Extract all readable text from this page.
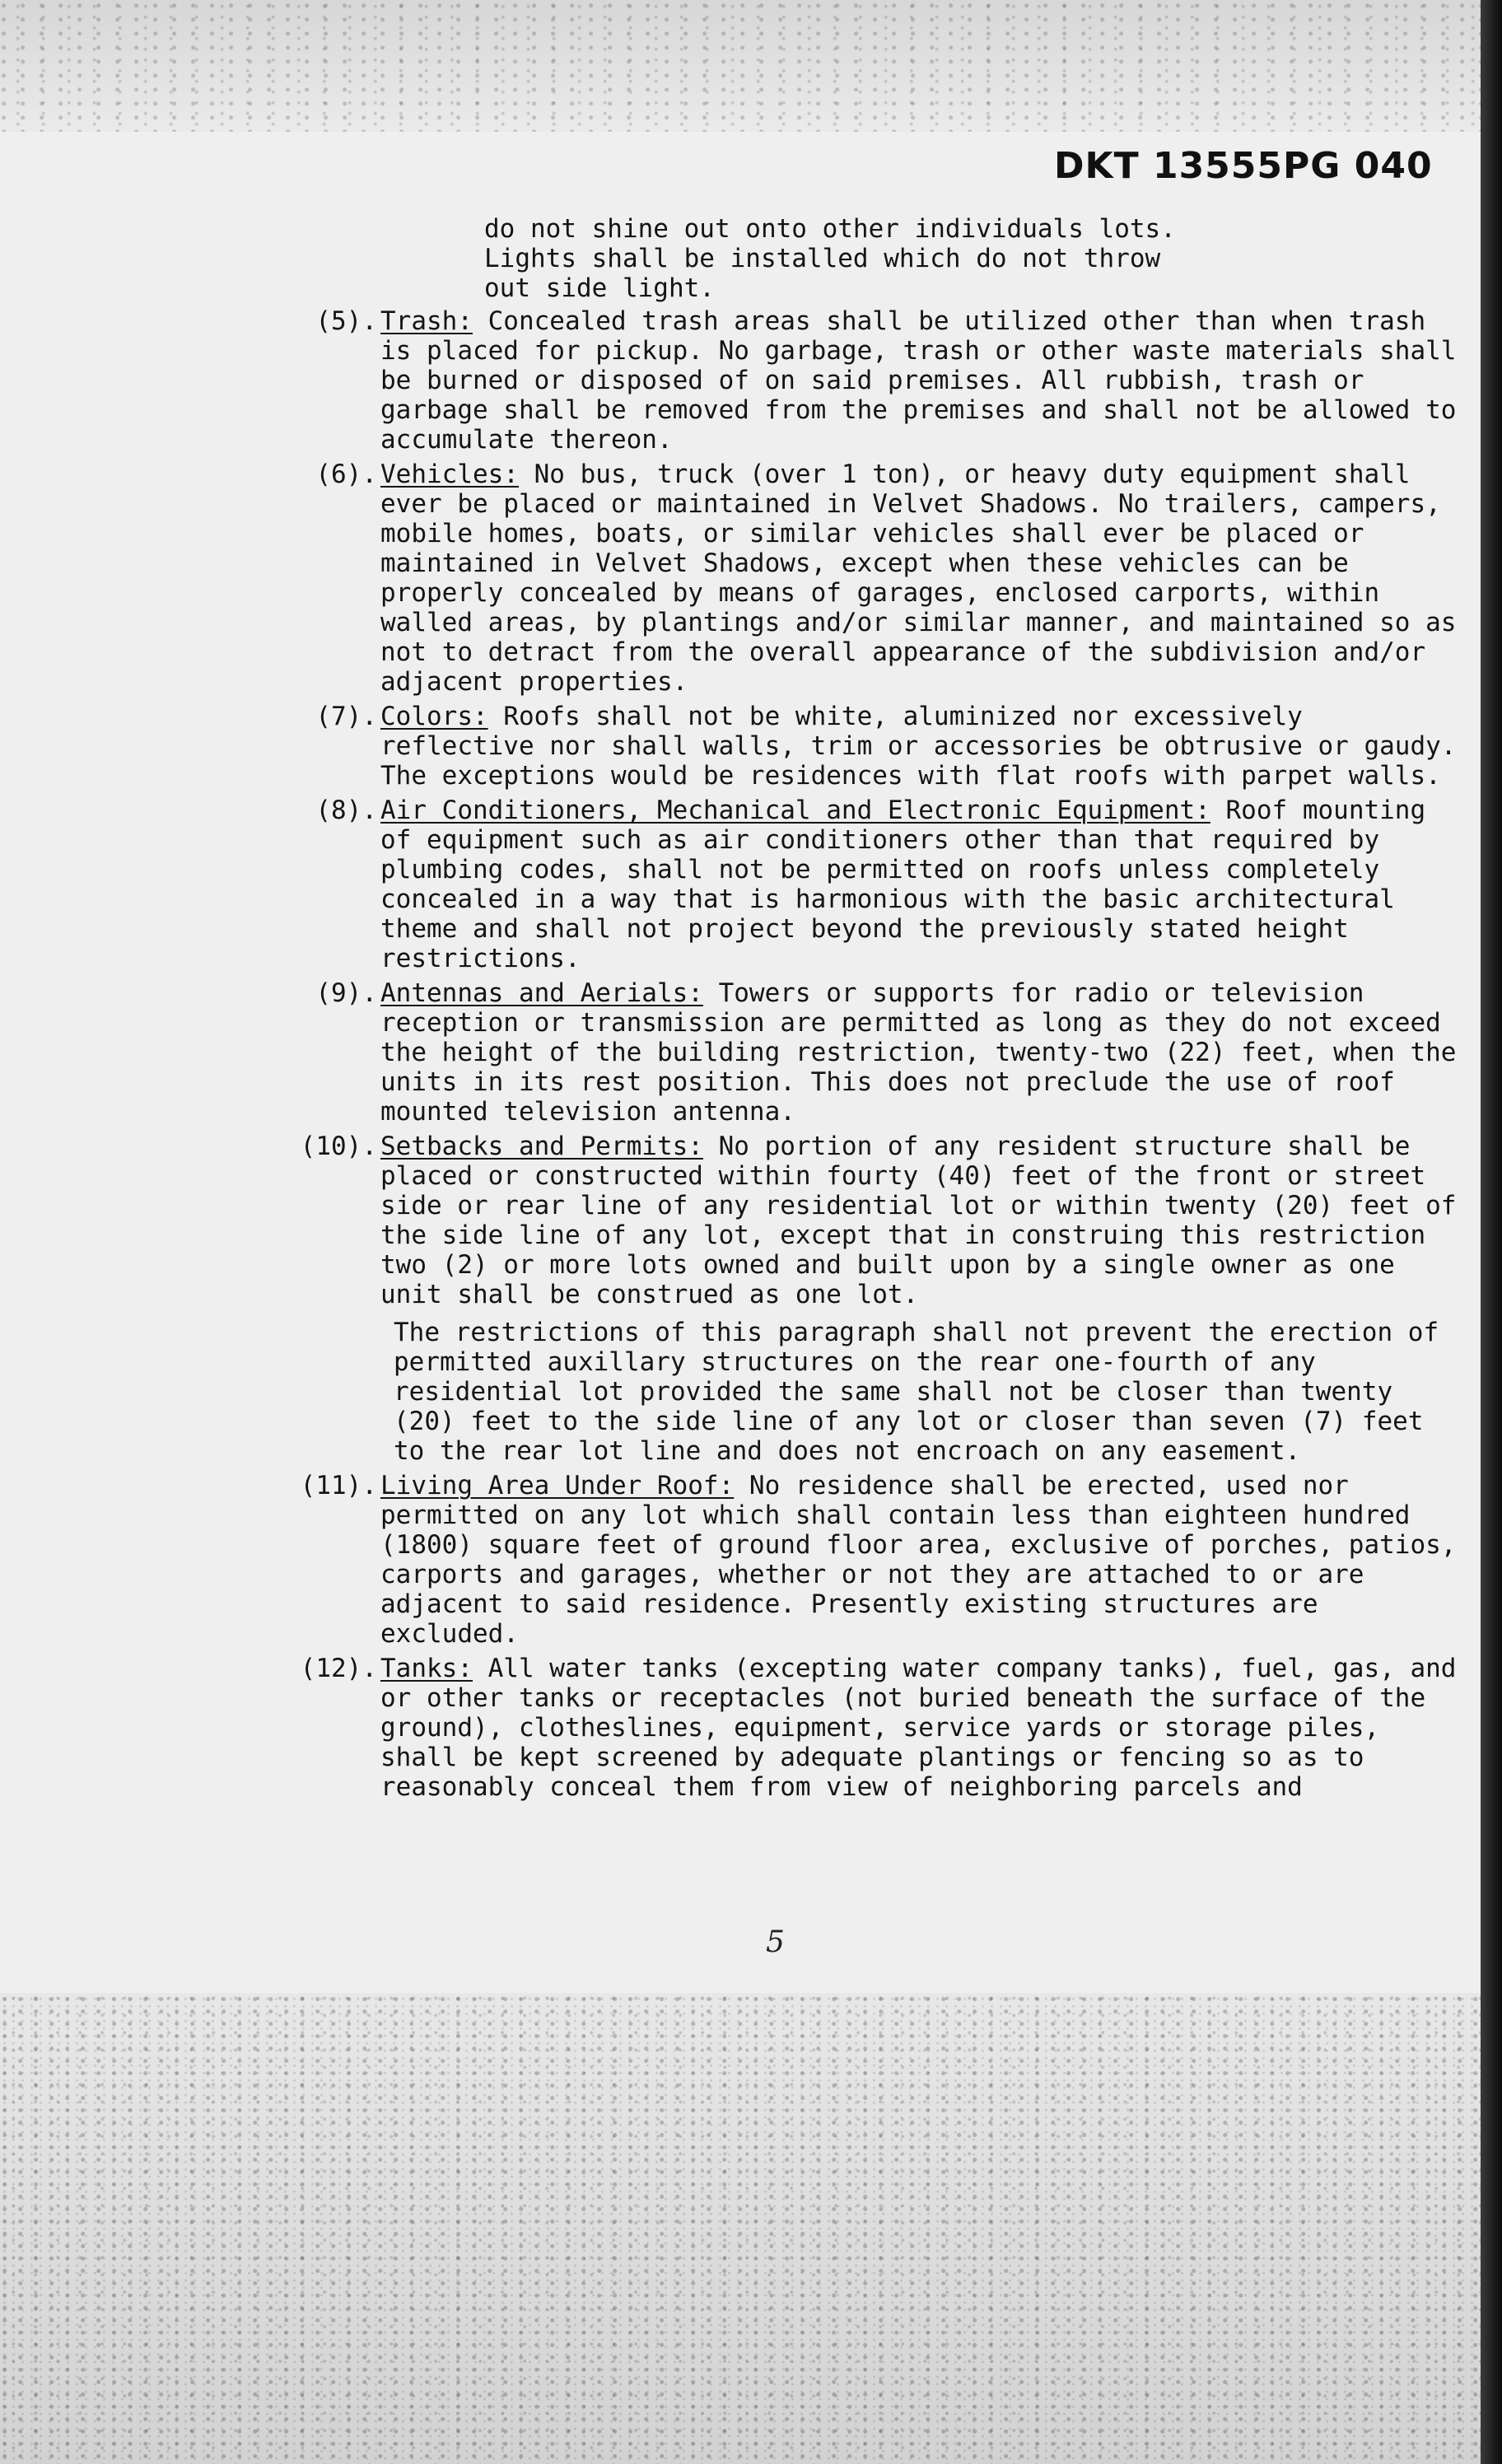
DKT 13555PG 040
do not shine out onto other individuals lots.
Lights shall be installed which do not throw
out side light.
(5). Trash: Concealed trash areas shall be utilized other than when trash is placed for pickup. No garbage, trash or other waste materials shall be burned or disposed of on said premises. All rubbish, trash or garbage shall be removed from the premises and shall not be allowed to accumulate thereon.
(6). Vehicles: No bus, truck (over 1 ton), or heavy duty equipment shall ever be placed or maintained in Velvet Shadows. No trailers, campers, mobile homes, boats, or similar vehicles shall ever be placed or maintained in Velvet Shadows, except when these vehicles can be properly concealed by means of garages, enclosed carports, within walled areas, by plantings and/or similar manner, and maintained so as not to detract from the overall appearance of the subdivision and/or adjacent properties.
(7). Colors: Roofs shall not be white, aluminized nor excessively reflective nor shall walls, trim or accessories be obtrusive or gaudy. The exceptions would be residences with flat roofs with parpet walls.
(8). Air Conditioners, Mechanical and Electronic Equipment: Roof mounting of equipment such as air conditioners other than that required by plumbing codes, shall not be permitted on roofs unless completely concealed in a way that is harmonious with the basic architectural theme and shall not project beyond the previously stated height restrictions.
(9). Antennas and Aerials: Towers or supports for radio or television reception or transmission are permitted as long as they do not exceed the height of the building restriction, twenty-two (22) feet, when the units in its rest position. This does not preclude the use of roof mounted television antenna.
(10). Setbacks and Permits: No portion of any resident structure shall be placed or constructed within fourty (40) feet of the front or street side or rear line of any residential lot or within twenty (20) feet of the side line of any lot, except that in construing this restriction two (2) or more lots owned and built upon by a single owner as one unit shall be construed as one lot.
The restrictions of this paragraph shall not prevent the erection of permitted auxillary structures on the rear one-fourth of any residential lot provided the same shall not be closer than twenty (20) feet to the side line of any lot or closer than seven (7) feet to the rear lot line and does not encroach on any easement.
(11). Living Area Under Roof: No residence shall be erected, used nor permitted on any lot which shall contain less than eighteen hundred (1800) square feet of ground floor area, exclusive of porches, patios, carports and garages, whether or not they are attached to or are adjacent to said residence. Presently existing structures are excluded.
(12). Tanks: All water tanks (excepting water company tanks), fuel, gas, and or other tanks or receptacles (not buried beneath the surface of the ground), clotheslines, equipment, service yards or storage piles, shall be kept screened by adequate plantings or fencing so as to reasonably conceal them from view of neighboring parcels and
5
